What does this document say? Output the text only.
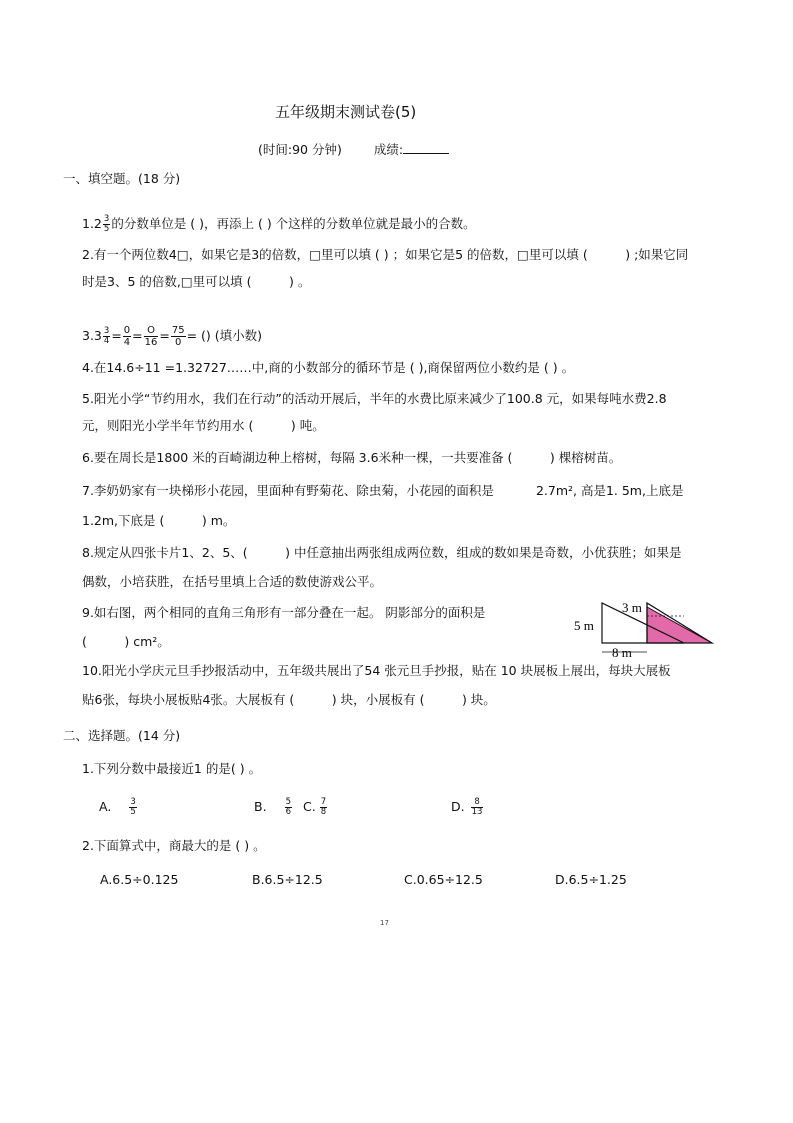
五年级期末测试卷(5)
(时间:90 分钟)	成绩:
一、填空题。(18 分)
$1.2 \frac{3}{5}$ 的分数单位是 ( )，再添上 ( ) 个这样的分数单位就是最小的合数。
2.有一个两位数4□，如果它是3的倍数，□里可以填 ( ) ；如果它是5 的倍数，□里可以填 (　　　) ;如果它同
时是3、5 的倍数,□里可以填 (　　　) 。
$3.3 \frac{3}{4} = \frac{0}{4} = \frac{O}{16} = \frac{75}{0}$ = () (填小数)
4.在14.6÷11 =1.32727……中,商的小数部分的循环节是 ( ),商保留两位小数约是 ( ) 。
5.阳光小学“节约用水，我们在行动”的活动开展后，半年的水费比原来减少了100.8 元，如果每吨水费2.8
元，则阳光小学半年节约用水 (　　　) 吨。
6.要在周长是1800 米的百崎湖边种上榕树，每隔 3.6米种一棵，一共要准备 (　　　) 棵榕树苗。
7.李奶奶家有一块梯形小花园，里面种有野菊花、除虫菊，小花园的面积是	2.7m², 高是1. 5m,上底是
1.2m,下底是 (　　　) m。
8.规定从四张卡片1、2、5、(　　　) 中任意抽出两张组成两位数，组成的数如果是奇数，小优获胜；如果是
偶数，小培获胜，在括号里填上合适的数使游戏公平。
9.如右图，两个相同的直角三角形有一部分叠在一起。 阴影部分的面积是
(　　　) cm²。
3 m
5 m
8 m
10.阳光小学庆元旦手抄报活动中，五年级共展出了54 张元旦手抄报，贴在 10 块展板上展出，每块大展板
贴6张，每块小展板贴4张。大展板有 (　　　) 块，小展板有 (　　　) 块。
二、选择题。(14 分)
1.下列分数中最接近1 的是( ) 。
A. $\frac{3}{5}$	B. $\frac{5}{6} C$. $\frac{7}{8}$	D. $\frac{8}{13}$
2.下面算式中，商最大的是 ( ) 。
A.6.5÷0.125	B.6.5÷12.5	C.0.65÷12.5	D.6.5÷1.25
17
